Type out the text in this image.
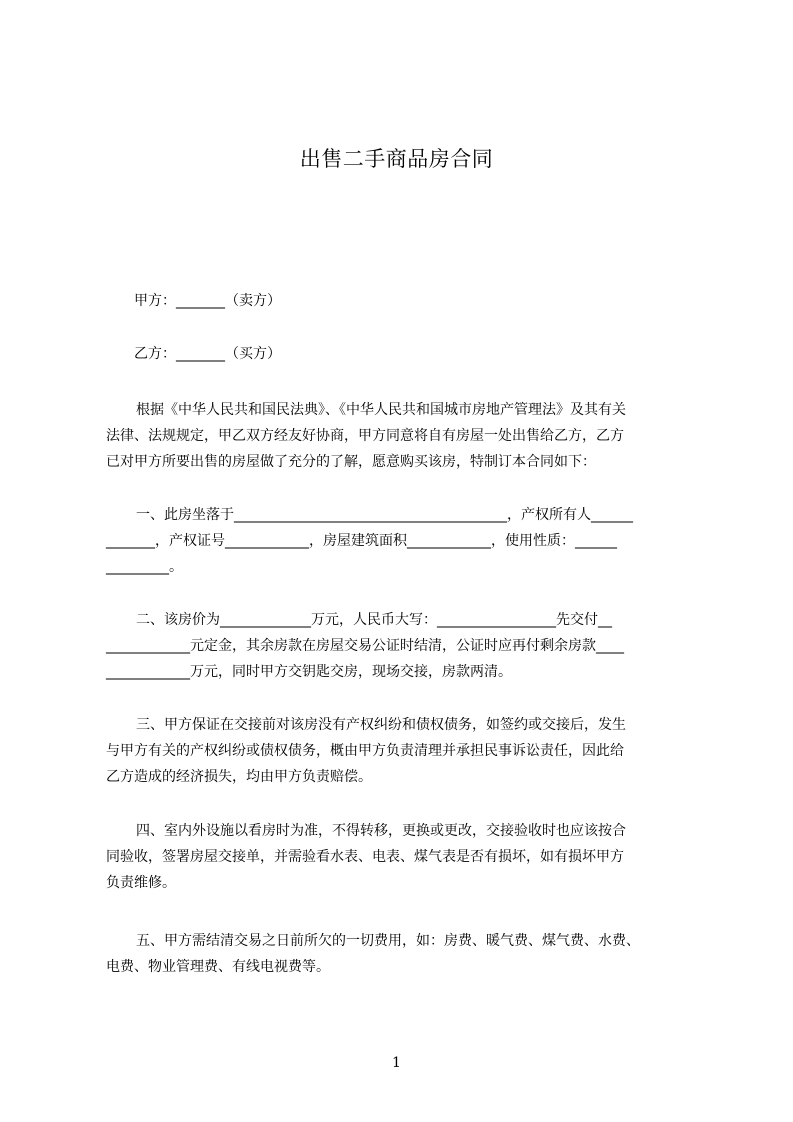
出售二手商品房合同

甲方：_______（卖方）

乙方：_______（买方）

根据《中华人民共和国民法典》、《中华人民共和国城市房地产管理法》及其有关
法律、法规规定，甲乙双方经友好协商，甲方同意将自有房屋一处出售给乙方，乙方
已对甲方所要出售的房屋做了充分的了解，愿意购买该房，特制订本合同如下：
一、此房坐落于_______________________________________，产权所有人______
_______，产权证号____________，房屋建筑面积____________，使用性质：______
_________。
二、该房价为_____________万元，人民币大写：_________________先交付__
____________元定金，其余房款在房屋交易公证时结清，公证时应再付剩余房款____
____________万元，同时甲方交钥匙交房，现场交接，房款两清。
三、甲方保证在交接前对该房没有产权纠纷和债权债务，如签约或交接后，发生
与甲方有关的产权纠纷或债权债务，概由甲方负责清理并承担民事诉讼责任，因此给
乙方造成的经济损失，均由甲方负责赔偿。
四、室内外设施以看房时为准，不得转移，更换或更改，交接验收时也应该按合
同验收，签署房屋交接单，并需验看水表、电表、煤气表是否有损坏，如有损坏甲方
负责维修。
五、甲方需结清交易之日前所欠的一切费用，如：房费、暖气费、煤气费、水费、
电费、物业管理费、有线电视费等。
1
